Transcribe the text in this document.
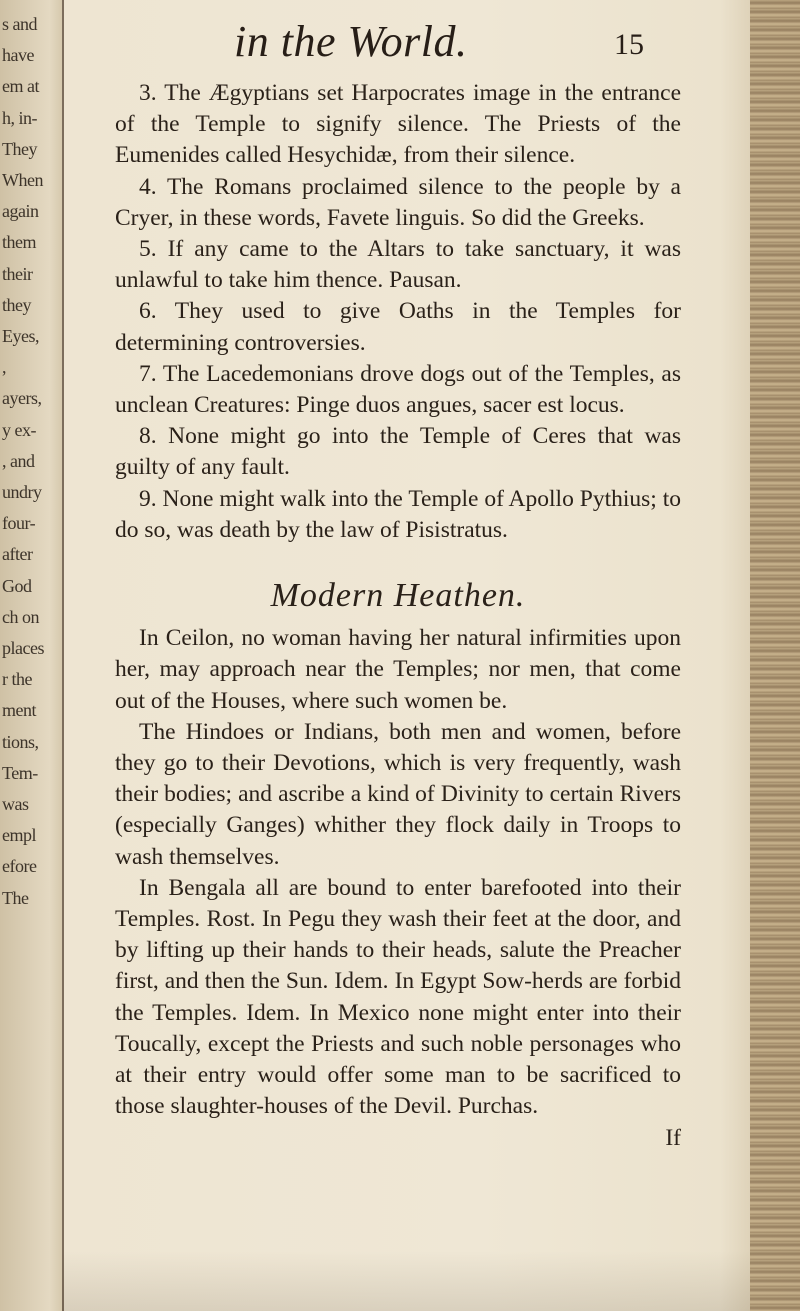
s and
have
em at
h, in-
They
When
again
them
their
they
Eyes,
,
ayers,
y ex-
, and
undry
four-
after
God
ch on
places
r the
ment
tions,
Tem-
was
empl
efore
The
in the World.	15

3. The Ægyptians set Harpocrates image in the entrance of the Temple to signify silence. The Priests of the Eumenides called Hesychidæ, from their silence.

4. The Romans proclaimed silence to the people by a Cryer, in these words, Favete linguis. So did the Greeks.

5. If any came to the Altars to take sanctuary, it was unlawful to take him thence. Pausan.

6. They used to give Oaths in the Temples for determining controversies.

7. The Lacedemonians drove dogs out of the Temples, as unclean Creatures: Pinge duos angues, sacer est locus.

8. None might go into the Temple of Ceres that was guilty of any fault.

9. None might walk into the Temple of Apollo Pythius; to do so, was death by the law of Pisistratus.

Modern Heathen.

In Ceilon, no woman having her natural infirmities upon her, may approach near the Temples; nor men, that come out of the Houses, where such women be.

The Hindoes or Indians, both men and women, before they go to their Devotions, which is very frequently, wash their bodies; and ascribe a kind of Divinity to certain Rivers (especially Ganges) whither they flock daily in Troops to wash themselves.

In Bengala all are bound to enter barefooted into their Temples. Rost. In Pegu they wash their feet at the door, and by lifting up their hands to their heads, salute the Preacher first, and then the Sun. Idem. In Egypt Sow-herds are forbid the Temples. Idem. In Mexico none might enter into their Toucally, except the Priests and such noble personages who at their entry would offer some man to be sacrificed to those slaughter-houses of the Devil. Purchas.

If
